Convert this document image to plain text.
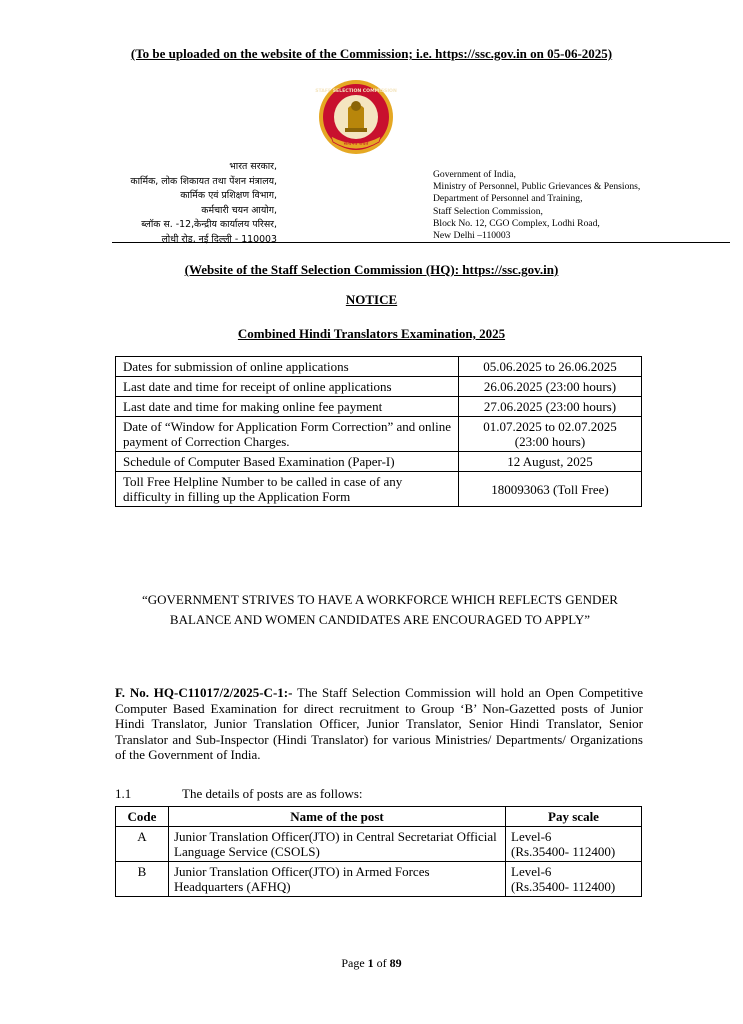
(To be uploaded on the website of the Commission; i.e. https://ssc.gov.in on 05-06-2025)
सत्यमेव जयते
STAFF SELECTION COMMISSION
भारत सरकार,
कार्मिक, लोक शिकायत तथा पेंशन मंत्रालय,
कार्मिक एवं प्रशिक्षण विभाग,
कर्मचारी चयन आयोग,
ब्लॉक स. -12,केन्द्रीय कार्यालय परिसर,
लोधी रोड, नई दिल्ली - 110003
Government of India,
Ministry of Personnel, Public Grievances & Pensions,
Department of Personnel and Training,
Staff Selection Commission,
Block No. 12, CGO Complex, Lodhi Road,
New Delhi –110003
(Website of the Staff Selection Commission (HQ): https://ssc.gov.in)
NOTICE
Combined Hindi Translators Examination, 2025
Dates for submission of online applications	05.06.2025 to 26.06.2025
Last date and time for receipt of online applications	26.06.2025 (23:00 hours)
Last date and time for making online fee payment	27.06.2025 (23:00 hours)
Date of “Window for Application Form Correction” and online payment of Correction Charges.	01.07.2025 to 02.07.2025 (23:00 hours)
Schedule of Computer Based Examination (Paper-I)	12 August, 2025
Toll Free Helpline Number to be called in case of any difficulty in filling up the Application Form	180093063 (Toll Free)
“GOVERNMENT STRIVES TO HAVE A WORKFORCE WHICH REFLECTS GENDER BALANCE AND WOMEN CANDIDATES ARE ENCOURAGED TO APPLY”
F. No. HQ-C11017/2/2025-C-1:- The Staff Selection Commission will hold an Open Competitive Computer Based Examination for direct recruitment to Group ‘B’ Non-Gazetted posts of Junior Hindi Translator, Junior Translation Officer, Junior Translator, Senior Hindi Translator, Senior Translator and Sub-Inspector (Hindi Translator) for various Ministries/ Departments/ Organizations of the Government of India.
1.1	The details of posts are as follows:
Code	Name of the post	Pay scale
A	Junior Translation Officer(JTO) in Central Secretariat Official Language Service (CSOLS)	Level-6
(Rs.35400- 112400)

B	Junior Translation Officer(JTO) in Armed Forces Headquarters (AFHQ)	Level-6
(Rs.35400- 112400)
Page 1 of 89
